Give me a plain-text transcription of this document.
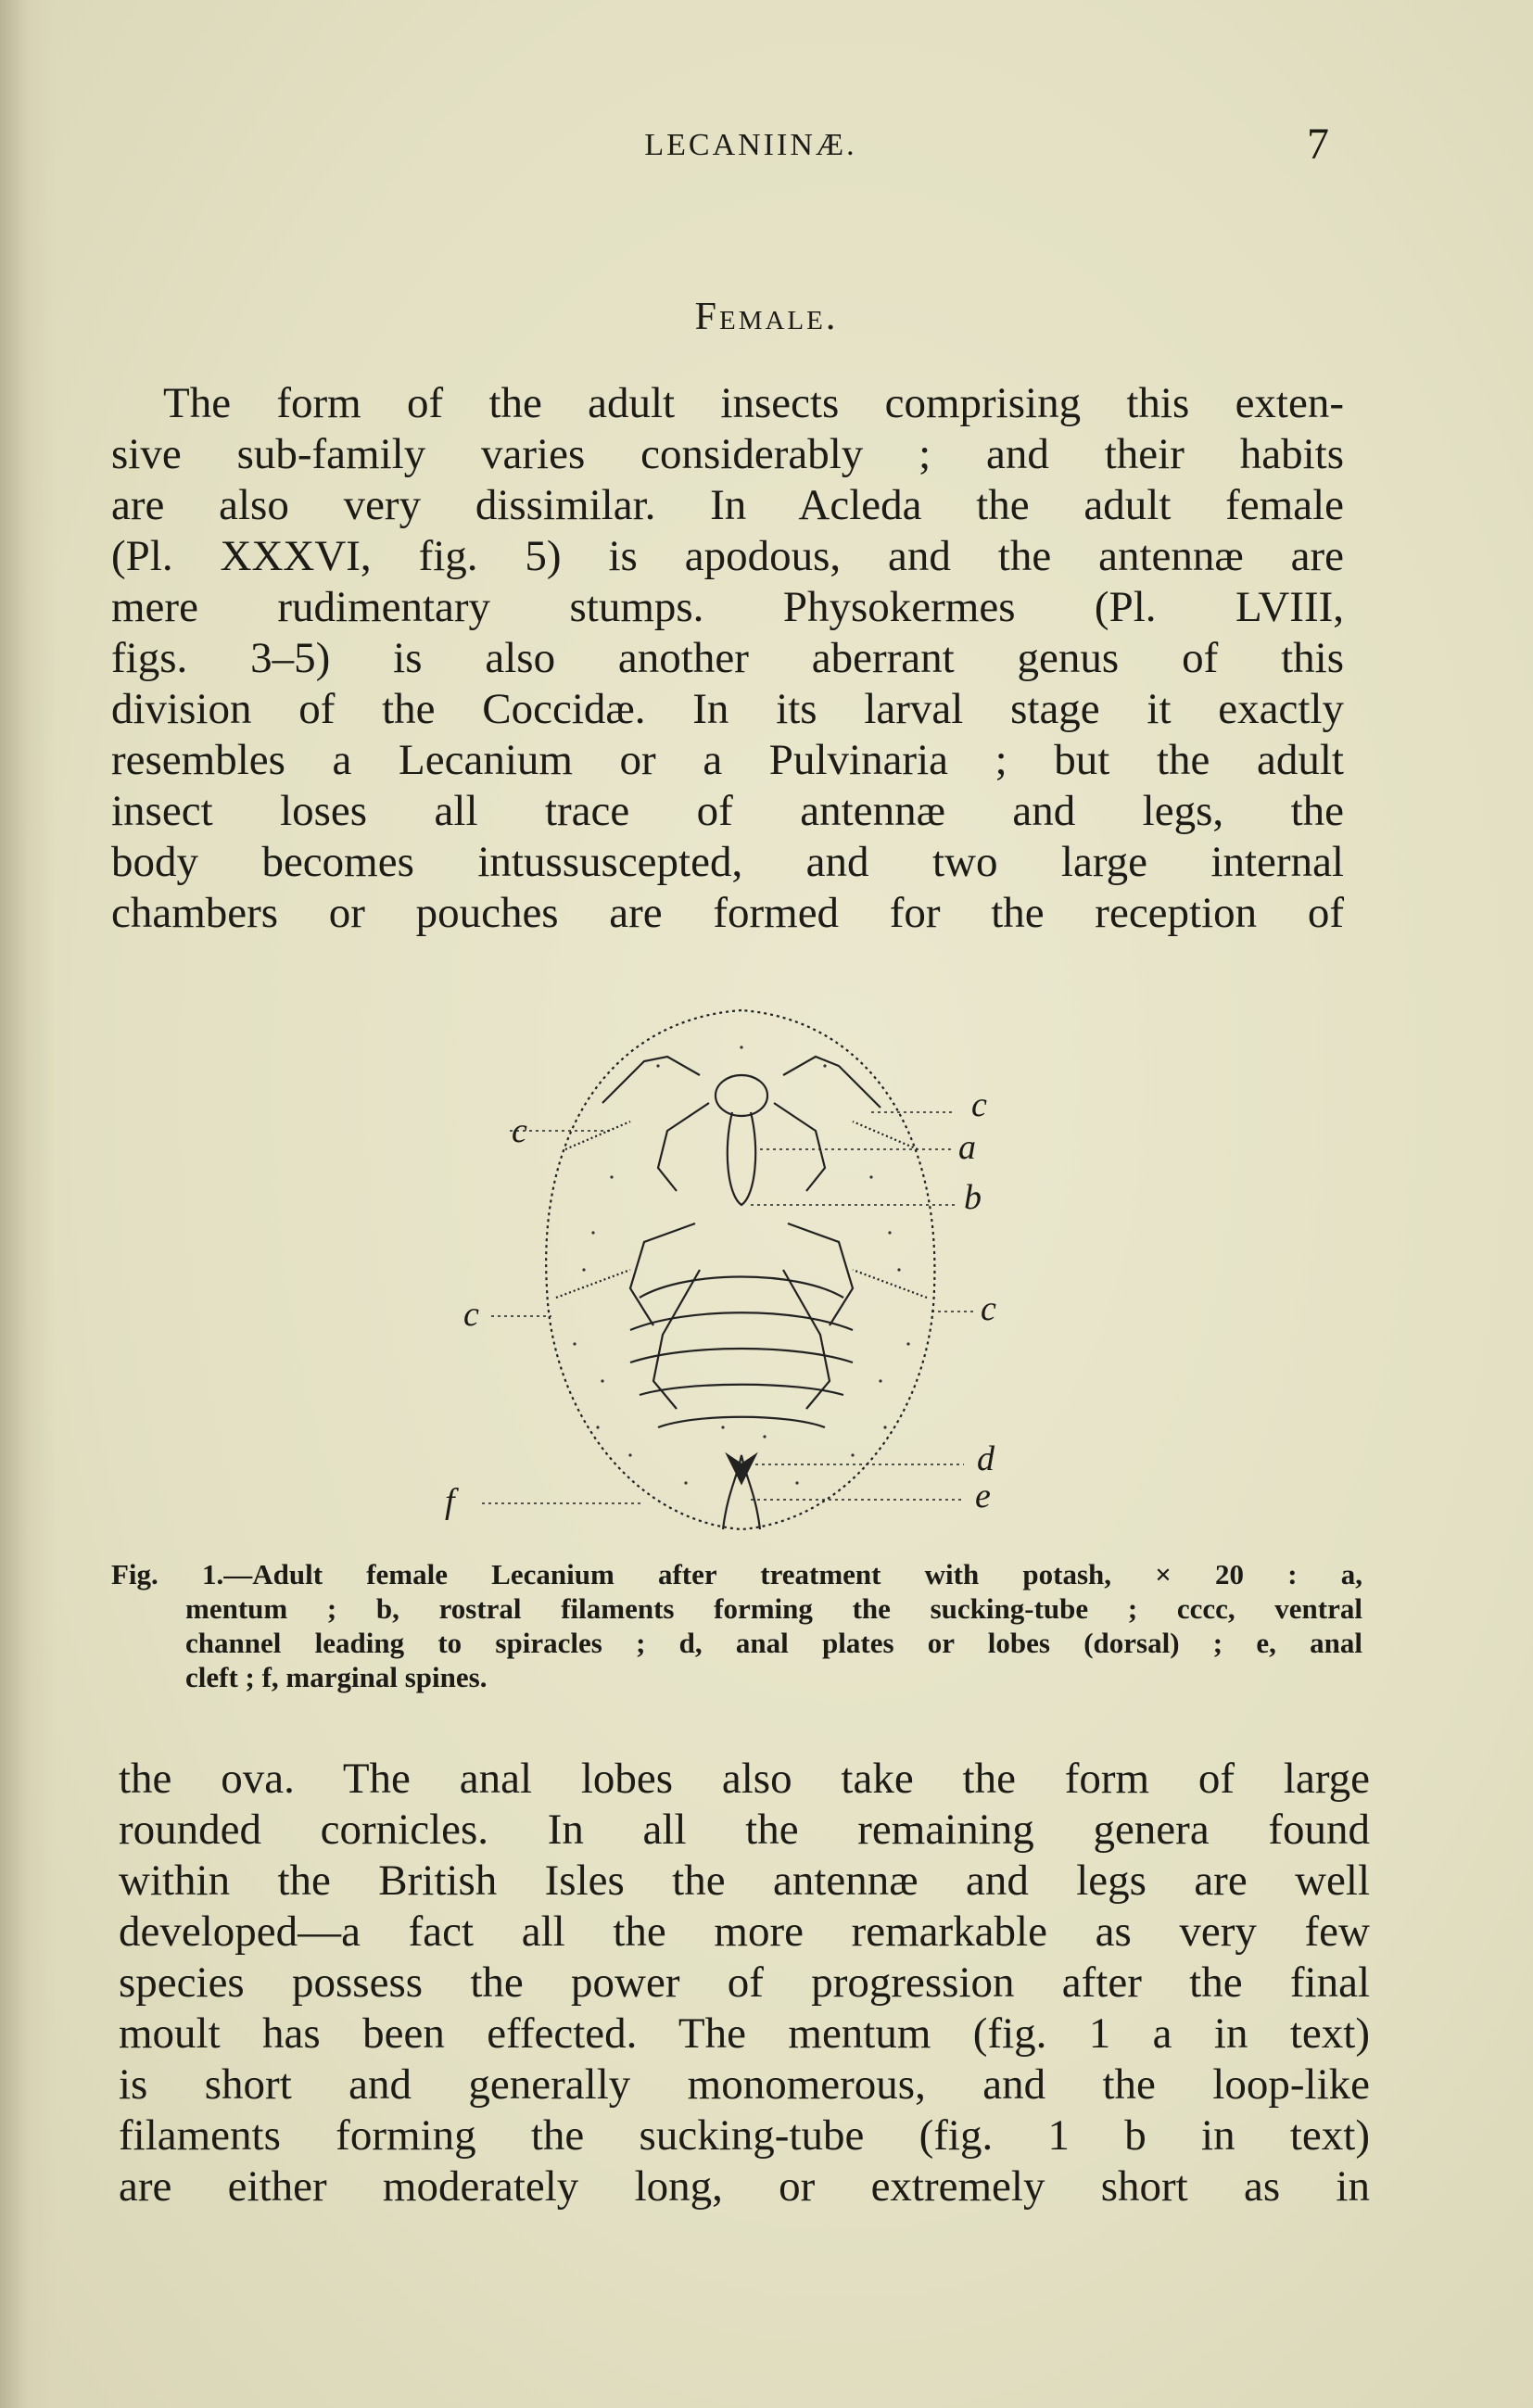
LECANIINÆ.	7
Female.
The form of the adult insects comprising this exten-
sive sub-family varies considerably ; and their habits
are also very dissimilar. In Acleda the adult female
(Pl. XXXVI, fig. 5) is apodous, and the antennæ are
mere rudimentary stumps. Physokermes (Pl. LVIII,
figs. 3–5) is also another aberrant genus of this
division of the Coccidæ. In its larval stage it exactly
resembles a Lecanium or a Pulvinaria ; but the adult
insect loses all trace of antennæ and legs, the
body becomes intussuscepted, and two large internal
chambers or pouches are formed for the reception of
c
c
a
b
c	c
d
e
f
Fig. 1.—Adult female Lecanium after treatment with potash, × 20 : a,
mentum ; b, rostral filaments forming the sucking-tube ; cccc, ventral
channel leading to spiracles ; d, anal plates or lobes (dorsal) ; e, anal
cleft ; f, marginal spines.
the ova. The anal lobes also take the form of large
rounded cornicles. In all the remaining genera found
within the British Isles the antennæ and legs are well
developed—a fact all the more remarkable as very few
species possess the power of progression after the final
moult has been effected. The mentum (fig. 1 a in text)
is short and generally monomerous, and the loop-like
filaments forming the sucking-tube (fig. 1 b in text)
are either moderately long, or extremely short as in
